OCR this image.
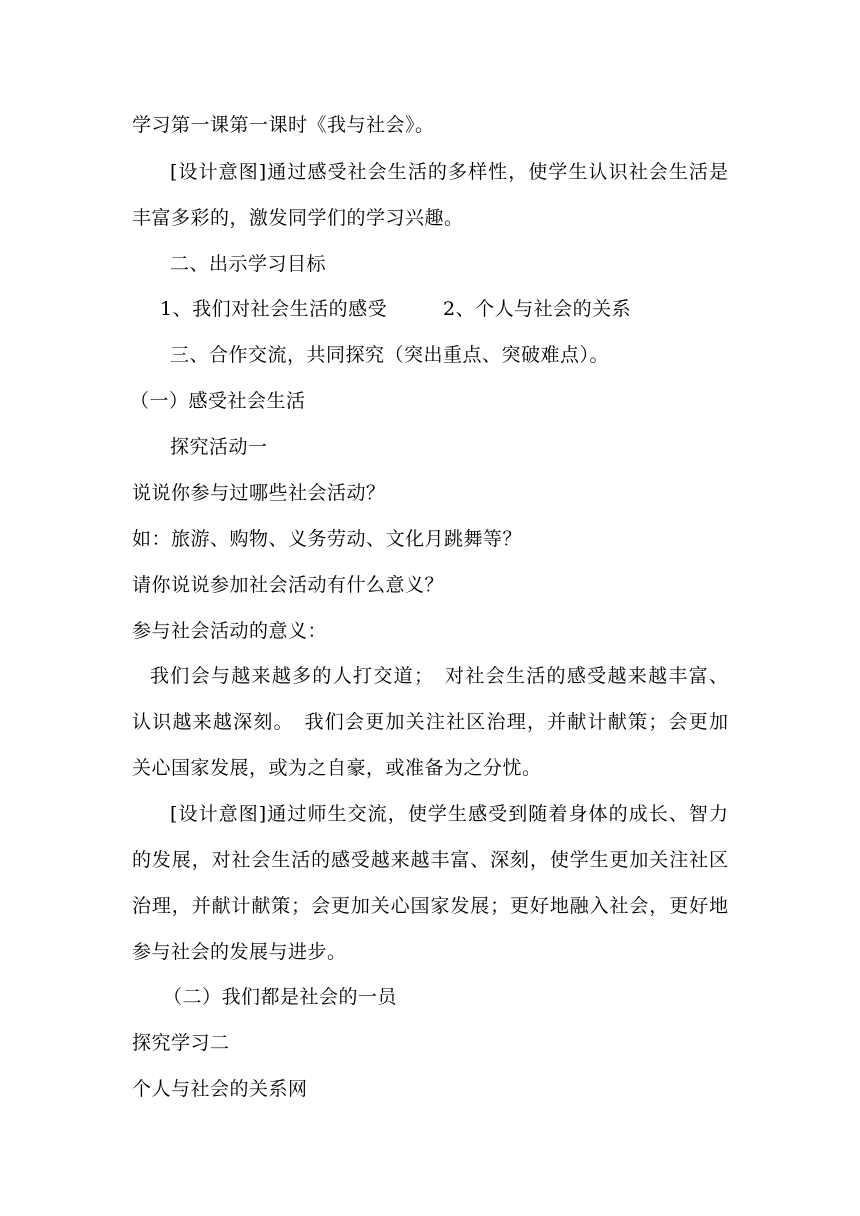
学习第一课第一课时《我与社会》。
[设计意图]通过感受社会生活的多样性，使学生认识社会生活是
丰富多彩的，激发同学们的学习兴趣。
二、出示学习目标
1、我们对社会生活的感受	2、个人与社会的关系
三、合作交流，共同探究（突出重点、突破难点）。
（一）感受社会生活
探究活动一
说说你参与过哪些社会活动？
如：旅游、购物、义务劳动、文化月跳舞等？
请你说说参加社会活动有什么意义？
参与社会活动的意义：
我们会与越来越多的人打交道；　对社会生活的感受越来越丰富、
认识越来越深刻。　我们会更加关注社区治理，并献计献策；会更加
关心国家发展，或为之自豪，或准备为之分忧。
[设计意图]通过师生交流，使学生感受到随着身体的成长、智力
的发展，对社会生活的感受越来越丰富、深刻，使学生更加关注社区
治理，并献计献策；会更加关心国家发展；更好地融入社会，更好地
参与社会的发展与进步。
（二）我们都是社会的一员
探究学习二
个人与社会的关系网
